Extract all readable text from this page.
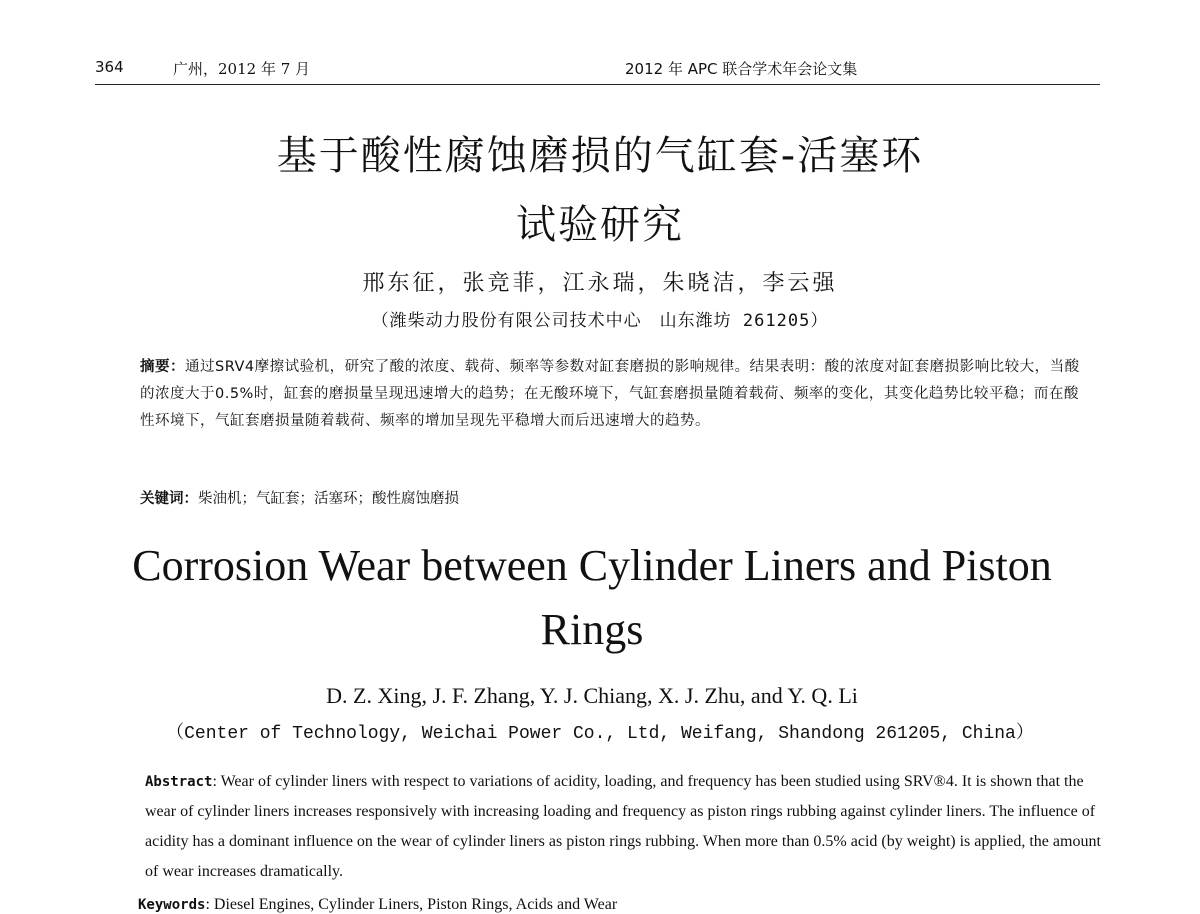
364	广州，2012 年 7 月	2012 年 APC 联合学术年会论文集
基于酸性腐蚀磨损的气缸套-活塞环
试验研究
邢东征，张竞菲，江永瑞，朱晓洁，李云强
（潍柴动力股份有限公司技术中心　山东潍坊 261205）
摘要：通过SRV4摩擦试验机，研究了酸的浓度、载荷、频率等参数对缸套磨损的影响规律。结果表明：酸的浓度对缸套磨损影响比较大，当酸的浓度大于0.5%时，缸套的磨损量呈现迅速增大的趋势；在无酸环境下，气缸套磨损量随着载荷、频率的变化，其变化趋势比较平稳；而在酸性环境下，气缸套磨损量随着载荷、频率的增加呈现先平稳增大而后迅速增大的趋势。
关键词：柴油机；气缸套；活塞环；酸性腐蚀磨损
Corrosion Wear between Cylinder Liners and Piston
Rings
D. Z. Xing, J. F. Zhang, Y. J. Chiang, X. J. Zhu, and Y. Q. Li
（Center of Technology, Weichai Power Co., Ltd, Weifang, Shandong 261205, China）
Abstract: Wear of cylinder liners with respect to variations of acidity, loading, and frequency has been studied using SRV®4. It is shown that the wear of cylinder liners increases responsively with increasing loading and frequency as piston rings rubbing against cylinder liners. The influence of acidity has a dominant influence on the wear of cylinder liners as piston rings rubbing. When more than 0.5% acid (by weight) is applied, the amount of wear increases dramatically.
Keywords: Diesel Engines, Cylinder Liners, Piston Rings, Acids and Wear
